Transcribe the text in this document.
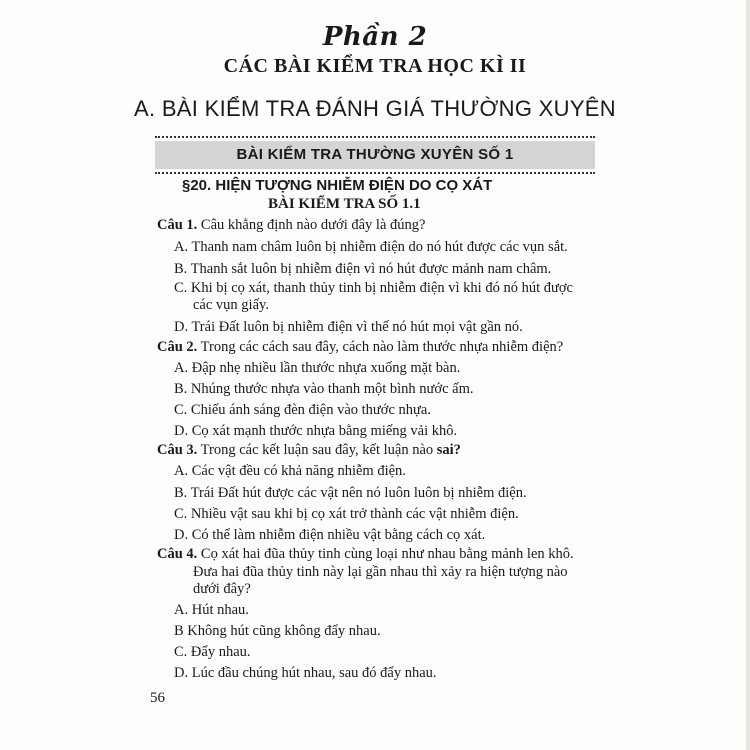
Phần 2
CÁC BÀI KIỂM TRA HỌC KÌ II
A. BÀI KIỂM TRA ĐÁNH GIÁ THƯỜNG XUYÊN
BÀI KIỂM TRA THƯỜNG XUYÊN SỐ 1
§20. HIỆN TƯỢNG NHIỄM ĐIỆN DO CỌ XÁT
BÀI KIỂM TRA SỐ 1.1
Câu 1. Câu khẳng định nào dưới đây là đúng?
A. Thanh nam châm luôn bị nhiễm điện do nó hút được các vụn sắt.
B. Thanh sắt luôn bị nhiễm điện vì nó hút được mảnh nam châm.
C. Khi bị cọ xát, thanh thủy tinh bị nhiễm điện vì khi đó nó hút được
các vụn giấy.
D. Trái Đất luôn bị nhiễm điện vì thế nó hút mọi vật gần nó.
Câu 2. Trong các cách sau đây, cách nào làm thước nhựa nhiễm điện?
A. Đập nhẹ nhiều lần thước nhựa xuống mặt bàn.
B. Nhúng thước nhựa vào thanh một bình nước ấm.
C. Chiếu ánh sáng đèn điện vào thước nhựa.
D. Cọ xát mạnh thước nhựa bằng miếng vải khô.
Câu 3. Trong các kết luận sau đây, kết luận nào sai?
A. Các vật đều có khả năng nhiễm điện.
B. Trái Đất hút được các vật nên nó luôn luôn bị nhiễm điện.
C. Nhiều vật sau khi bị cọ xát trở thành các vật nhiễm điện.
D. Có thể làm nhiễm điện nhiều vật bằng cách cọ xát.
Câu 4. Cọ xát hai đũa thủy tinh cùng loại như nhau bằng mảnh len khô.
Đưa hai đũa thủy tinh này lại gần nhau thì xảy ra hiện tượng nào
dưới đây?
A. Hút nhau.
B Không hút cũng không đẩy nhau.
C. Đẩy nhau.
D. Lúc đầu chúng hút nhau, sau đó đẩy nhau.
56
